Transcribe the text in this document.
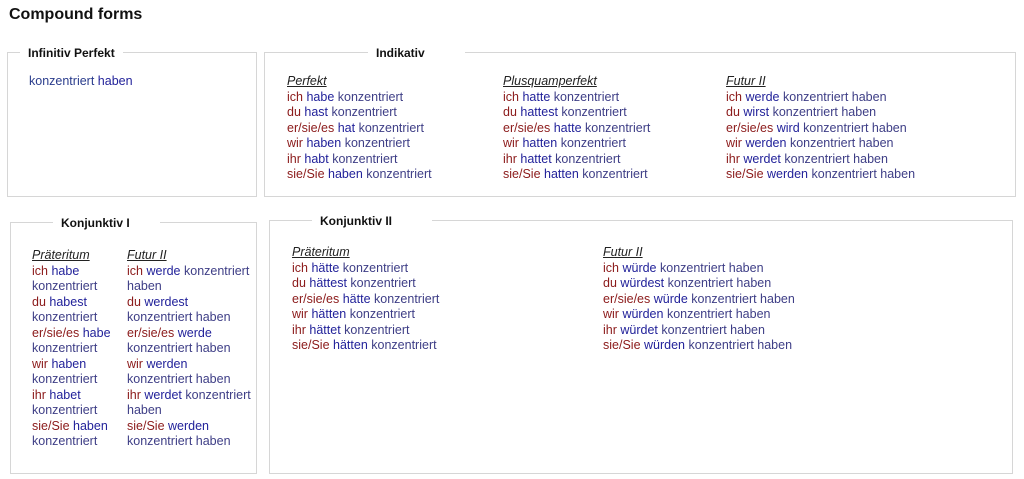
Compound forms
Infinitiv Perfekt
konzentriert haben
Indikativ
Perfekt
ich habe konzentriert
du hast konzentriert
er/sie/es hat konzentriert
wir haben konzentriert
ihr habt konzentriert
sie/Sie haben konzentriert
Plusquamperfekt
ich hatte konzentriert
du hattest konzentriert
er/sie/es hatte konzentriert
wir hatten konzentriert
ihr hattet konzentriert
sie/Sie hatten konzentriert
Futur II
ich werde konzentriert haben
du wirst konzentriert haben
er/sie/es wird konzentriert haben
wir werden konzentriert haben
ihr werdet konzentriert haben
sie/Sie werden konzentriert haben
Konjunktiv I
Präteritum
ich habe konzentriert
du habest konzentriert
er/sie/es habe konzentriert
wir haben konzentriert
ihr habet konzentriert
sie/Sie haben konzentriert
Futur II
ich werde konzentriert haben
du werdest konzentriert haben
er/sie/es werde konzentriert haben
wir werden konzentriert haben
ihr werdet konzentriert haben
sie/Sie werden konzentriert haben
Konjunktiv II
Präteritum
ich hätte konzentriert
du hättest konzentriert
er/sie/es hätte konzentriert
wir hätten konzentriert
ihr hättet konzentriert
sie/Sie hätten konzentriert
Futur II
ich würde konzentriert haben
du würdest konzentriert haben
er/sie/es würde konzentriert haben
wir würden konzentriert haben
ihr würdet konzentriert haben
sie/Sie würden konzentriert haben
